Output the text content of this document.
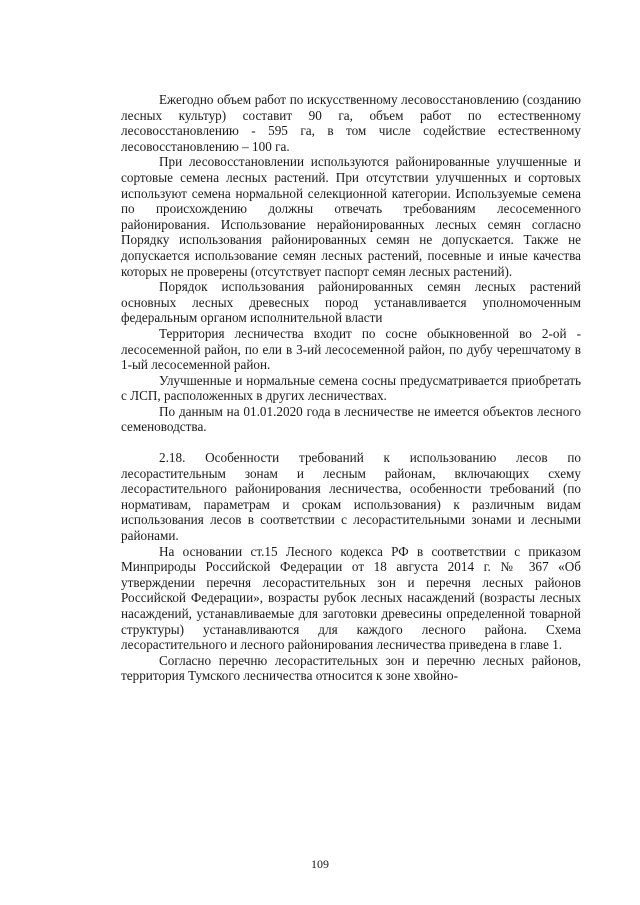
Ежегодно объем работ по искусственному лесовосстановлению (созданию лесных культур) составит 90 га, объем работ по естественному лесовосстановлению - 595 га, в том числе содействие естественному лесовосстановлению – 100 га.

При лесовосстановлении используются районированные улучшенные и сортовые семена лесных растений. При отсутствии улучшенных и сортовых используют семена нормальной селекционной категории. Используемые семена по происхождению должны отвечать требованиям лесосеменного районирования. Использование нерайонированных лесных семян согласно Порядку использования районированных семян не допускается. Также не допускается использование семян лесных растений, посевные и иные качества которых не проверены (отсутствует паспорт семян лесных растений).

Порядок использования районированных семян лесных растений основных лесных древесных пород устанавливается уполномоченным федеральным органом исполнительной власти

Территория лесничества входит по сосне обыкновенной во 2-ой - лесосеменной район, по ели в 3-ий лесосеменной район, по дубу черешчатому в 1-ый лесосеменной район.

Улучшенные и нормальные семена сосны предусматривается приобретать с ЛСП, расположенных в других лесничествах.

По данным на 01.01.2020 года в лесничестве не имеется объектов лесного семеноводства.

2.18. Особенности требований к использованию лесов по лесорастительным зонам и лесным районам, включающих схему лесорастительного районирования лесничества, особенности требований (по нормативам, параметрам и срокам использования) к различным видам использования лесов в соответствии с лесорастительными зонами и лесными районами.

На основании ст.15 Лесного кодекса РФ в соответствии с приказом Минприроды Российской Федерации от 18 августа 2014 г. № 367 «Об утверждении перечня лесорастительных зон и перечня лесных районов Российской Федерации», возрасты рубок лесных насаждений (возрасты лесных насаждений, устанавливаемые для заготовки древесины определенной товарной структуры) устанавливаются для каждого лесного района. Схема лесорастительного и лесного районирования лесничества приведена в главе 1.

Согласно перечню лесорастительных зон и перечню лесных районов, территория Тумского лесничества относится к зоне хвойно-

109
